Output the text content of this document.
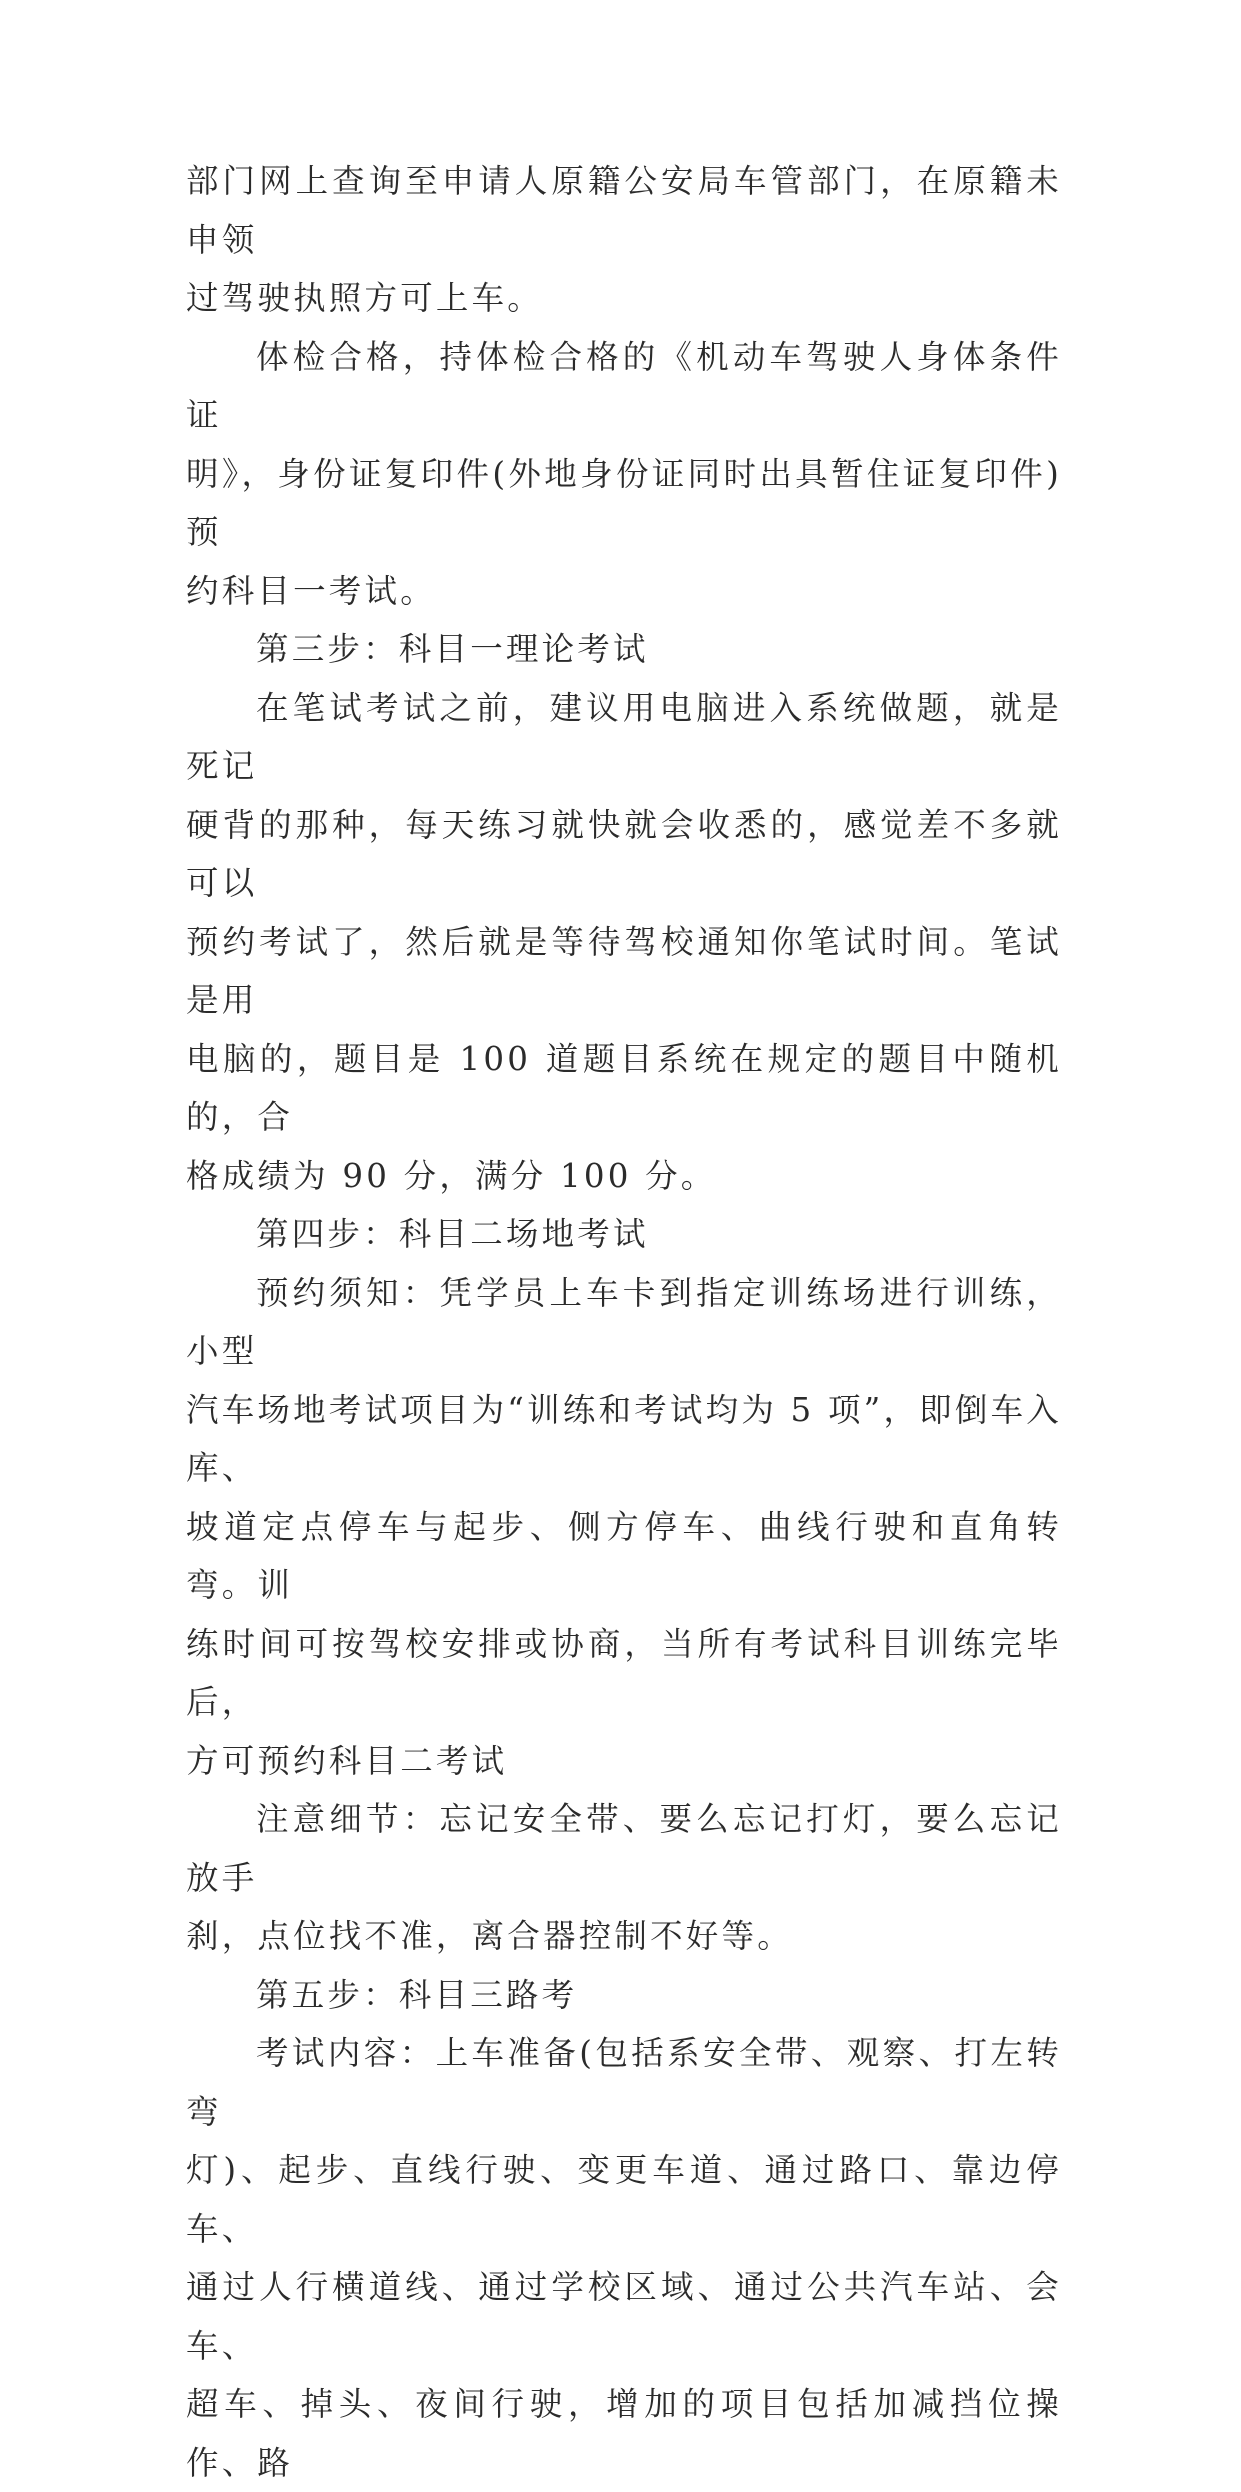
部门网上查询至申请人原籍公安局车管部门，在原籍未申领
过驾驶执照方可上车。

体检合格，持体检合格的《机动车驾驶人身体条件证
明》，身份证复印件(外地身份证同时出具暂住证复印件)预
约科目一考试。

第三步：科目一理论考试

在笔试考试之前，建议用电脑进入系统做题，就是死记
硬背的那种，每天练习就快就会收悉的，感觉差不多就可以
预约考试了，然后就是等待驾校通知你笔试时间。笔试是用
电脑的，题目是 100 道题目系统在规定的题目中随机的，合
格成绩为 90 分，满分 100 分。

第四步：科目二场地考试

预约须知：凭学员上车卡到指定训练场进行训练，小型
汽车场地考试项目为“训练和考试均为 5 项”，即倒车入库、
坡道定点停车与起步、侧方停车、曲线行驶和直角转弯。训
练时间可按驾校安排或协商，当所有考试科目训练完毕后，
方可预约科目二考试

注意细节：忘记安全带、要么忘记打灯，要么忘记放手
刹，点位找不准，离合器控制不好等。

第五步：科目三路考

考试内容：上车准备(包括系安全带、观察、打左转弯
灯)、起步、直线行驶、变更车道、通过路口、靠边停车、
通过人行横道线、通过学校区域、通过公共汽车站、会车、
超车、掉头、夜间行驶，增加的项目包括加减挡位操作、路
